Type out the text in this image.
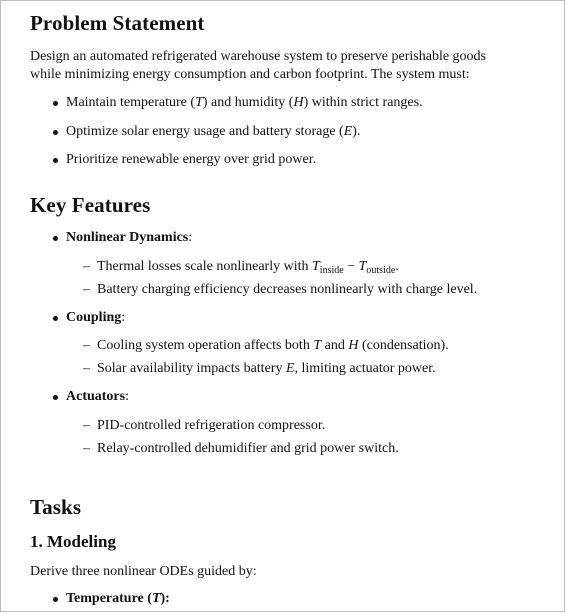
Problem Statement

Design an automated refrigerated warehouse system to preserve perishable goods

while minimizing energy consumption and carbon footprint. The system must:

Maintain temperature (T) and humidity (H) within strict ranges.
Optimize solar energy usage and battery storage (E).
Prioritize renewable energy over grid power.
Key Features
Nonlinear Dynamics:
– Thermal losses scale nonlinearly with $T_{inside} - T_{outside}$.
– Battery charging efficiency decreases nonlinearly with charge level.
Coupling:
– Cooling system operation affects both T and H (condensation).
– Solar availability impacts battery E, limiting actuator power.
Actuators:
– PID-controlled refrigeration compressor.
– Relay-controlled dehumidifier and grid power switch.
Tasks
1. Modeling

Derive three nonlinear ODEs guided by:

Temperature (T):
